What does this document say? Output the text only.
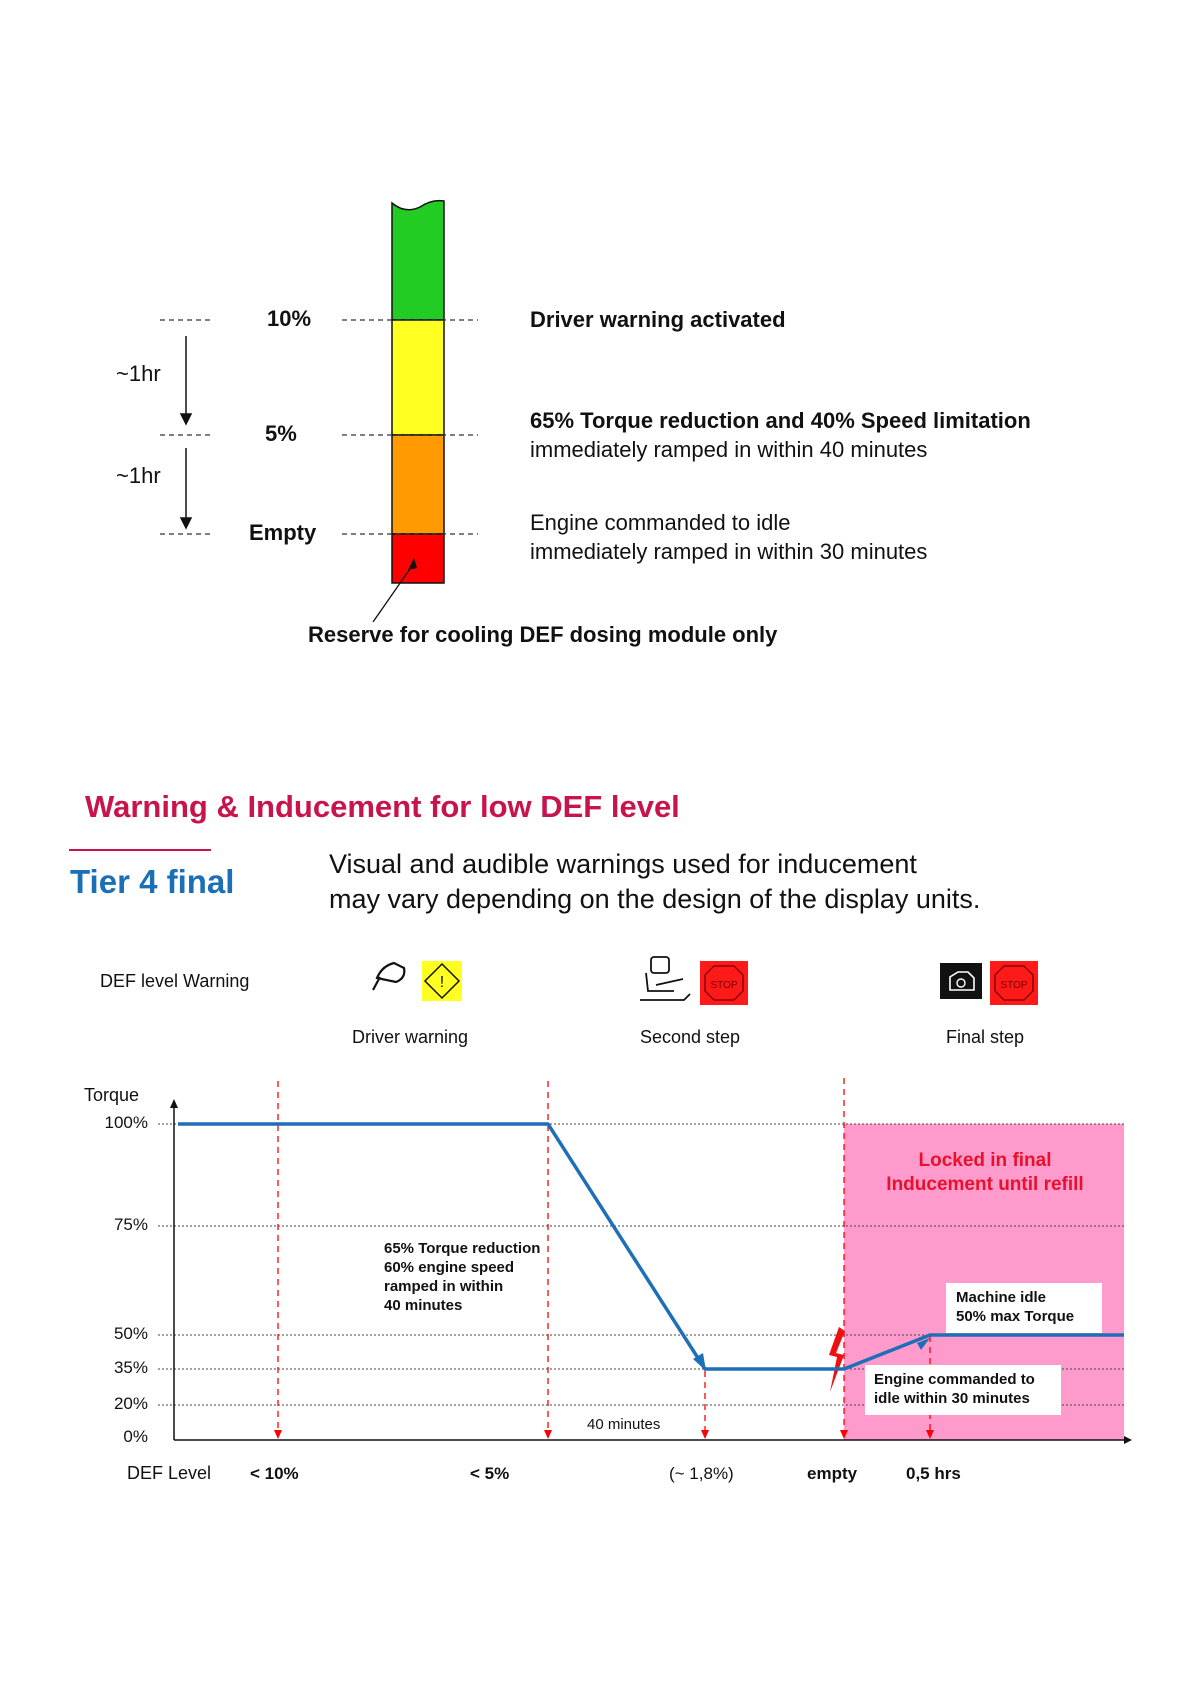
10%
5%
Empty
~1hr
~1hr
Driver warning activated
65% Torque reduction and 40% Speed limitation
immediately ramped in within 40 minutes
Engine commanded to idle
immediately ramped in within 30 minutes
Reserve for cooling DEF dosing module only
Warning & Inducement for low DEF level
Tier 4 final	Visual and audible warnings used for inducement
may vary depending on the design of the display units.
DEF level Warning	!	STOP	STOP
Driver warning	Second step	Final step
Torque
100%
75%
50%
35%
20%
0%
DEF Level < 10%	< 5%	(~ 1,8%)	empty	0,5 hrs
Locked in final
Inducement until refill
65% Torque reduction
60% engine speed
ramped in within
40 minutes
40 minutes
Machine idle
50% max Torque
Engine commanded to
idle within 30 minutes
